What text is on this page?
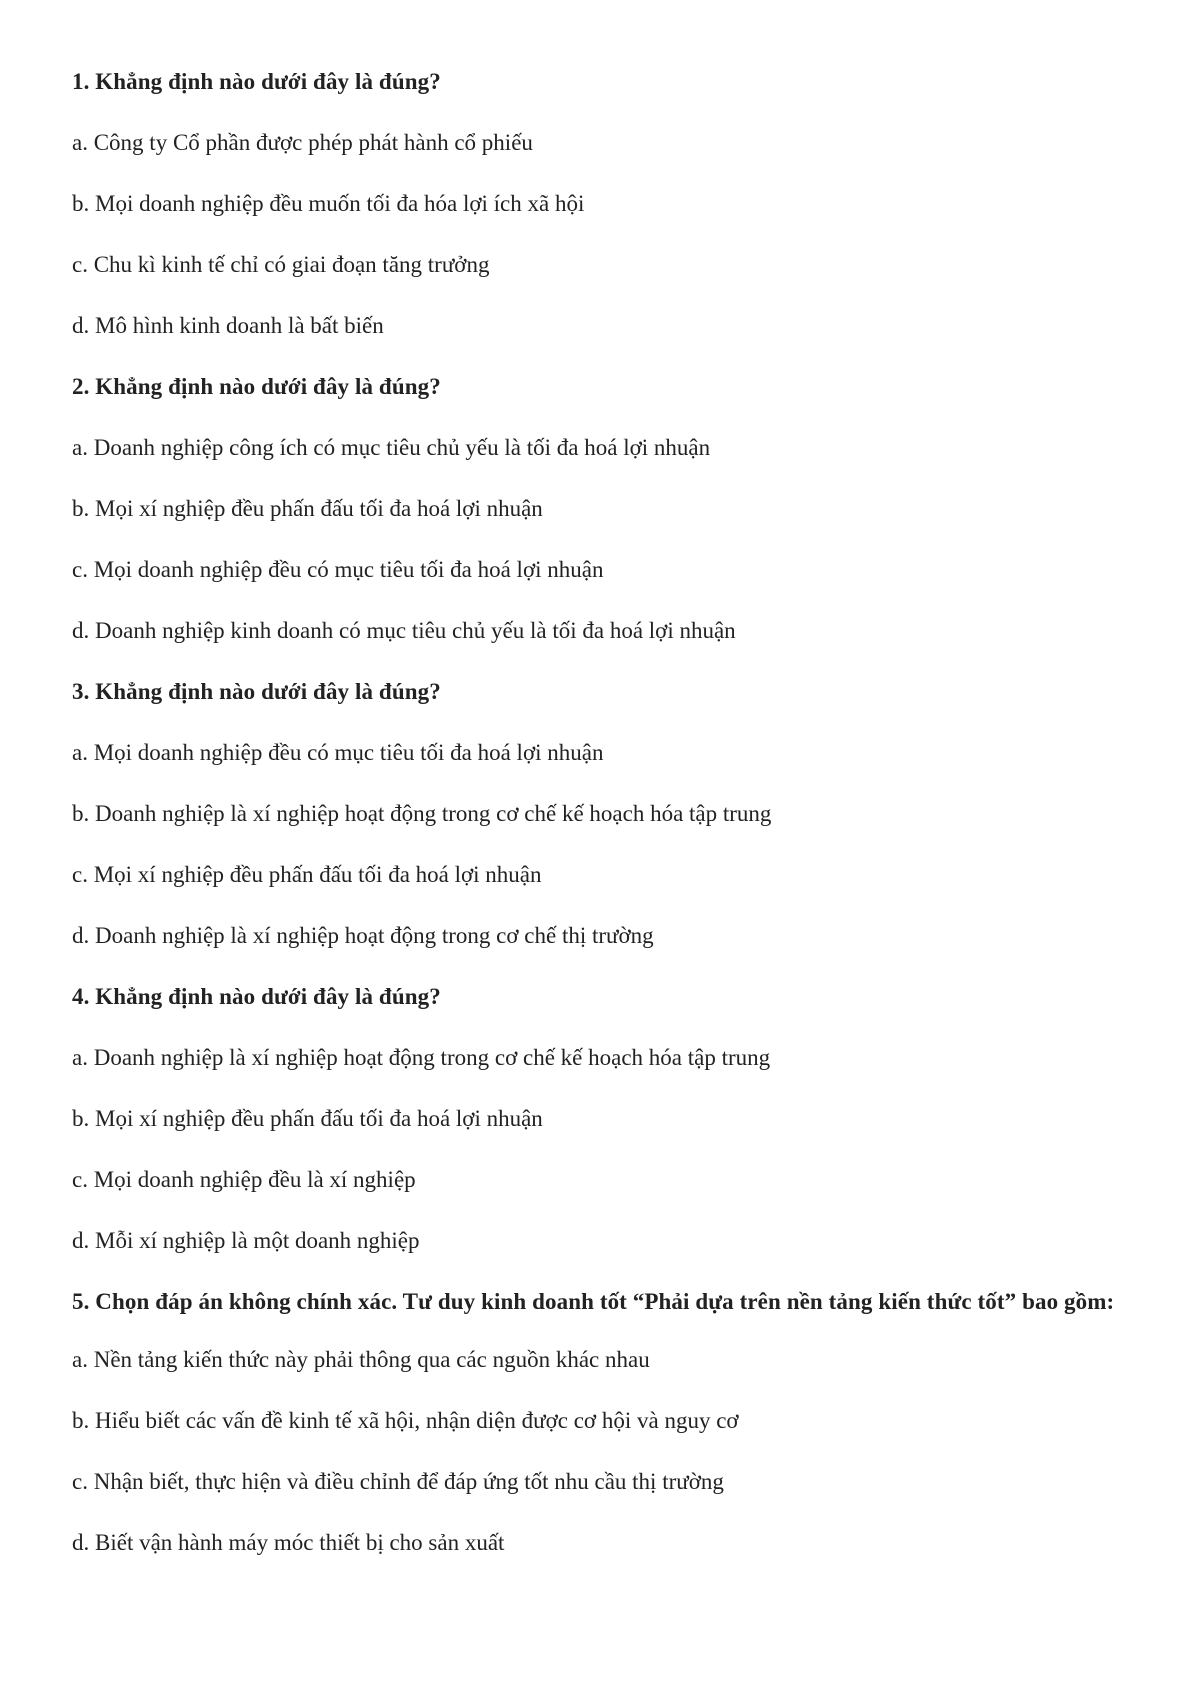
1. Khẳng định nào dưới đây là đúng?

a. Công ty Cổ phần được phép phát hành cổ phiếu

b. Mọi doanh nghiệp đều muốn tối đa hóa lợi ích xã hội

c. Chu kì kinh tế chỉ có giai đoạn tăng trưởng

d. Mô hình kinh doanh là bất biến

2. Khẳng định nào dưới đây là đúng?

a. Doanh nghiệp công ích có mục tiêu chủ yếu là tối đa hoá lợi nhuận

b. Mọi xí nghiệp đều phấn đấu tối đa hoá lợi nhuận

c. Mọi doanh nghiệp đều có mục tiêu tối đa hoá lợi nhuận

d. Doanh nghiệp kinh doanh có mục tiêu chủ yếu là tối đa hoá lợi nhuận

3. Khẳng định nào dưới đây là đúng?

a. Mọi doanh nghiệp đều có mục tiêu tối đa hoá lợi nhuận

b. Doanh nghiệp là xí nghiệp hoạt động trong cơ chế kế hoạch hóa tập trung

c. Mọi xí nghiệp đều phấn đấu tối đa hoá lợi nhuận

d. Doanh nghiệp là xí nghiệp hoạt động trong cơ chế thị trường

4. Khẳng định nào dưới đây là đúng?

a. Doanh nghiệp là xí nghiệp hoạt động trong cơ chế kế hoạch hóa tập trung

b. Mọi xí nghiệp đều phấn đấu tối đa hoá lợi nhuận

c. Mọi doanh nghiệp đều là xí nghiệp

d. Mỗi xí nghiệp là một doanh nghiệp

5. Chọn đáp án không chính xác. Tư duy kinh doanh tốt “Phải dựa trên nền tảng kiến thức tốt” bao gồm:

a. Nền tảng kiến thức này phải thông qua các nguồn khác nhau

b. Hiểu biết các vấn đề kinh tế xã hội, nhận diện được cơ hội và nguy cơ

c. Nhận biết, thực hiện và điều chỉnh để đáp ứng tốt nhu cầu thị trường

d. Biết vận hành máy móc thiết bị cho sản xuất
